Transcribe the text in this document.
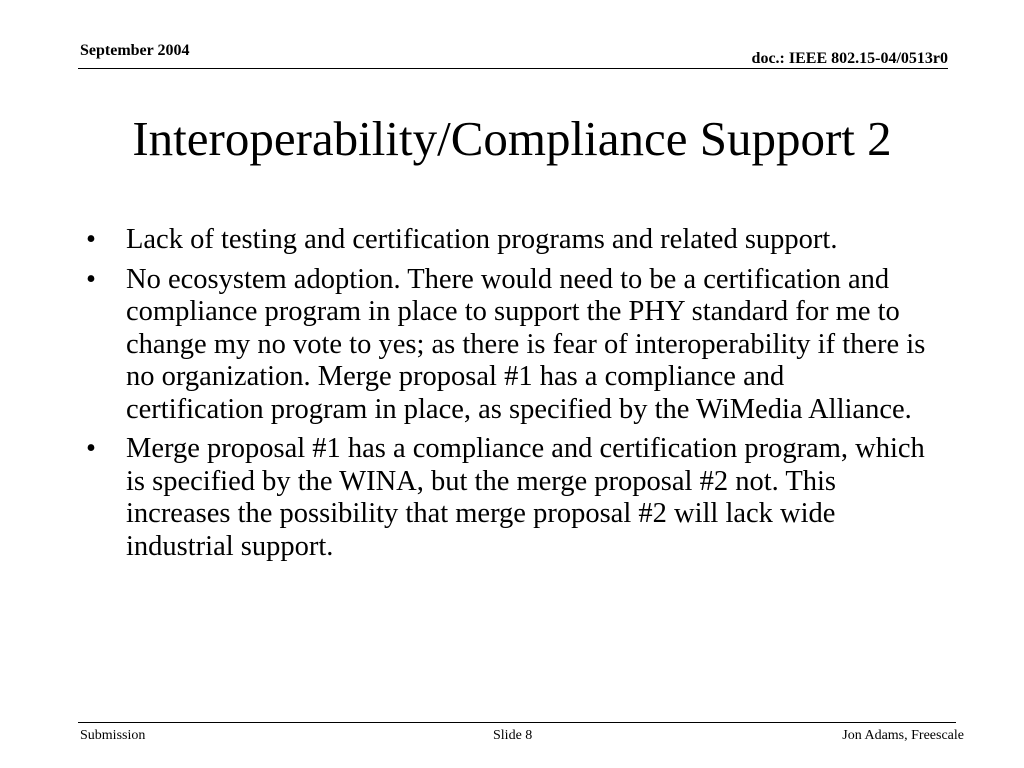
September 2004	doc.: IEEE 802.15-04/0513r0
Interoperability/Compliance Support 2
• Lack of testing and certification programs and related support.
• No ecosystem adoption. There would need to be a certification and compliance program in place to support the PHY standard for me to change my no vote to yes; as there is fear of interoperability if there is no organization. Merge proposal #1 has a compliance and certification program in place, as specified by the WiMedia Alliance.
• Merge proposal #1 has a compliance and certification program, which is specified by the WINA, but the merge proposal #2 not. This increases the possibility that merge proposal #2 will lack wide industrial support.
Submission	Slide 8	Jon Adams, Freescale
